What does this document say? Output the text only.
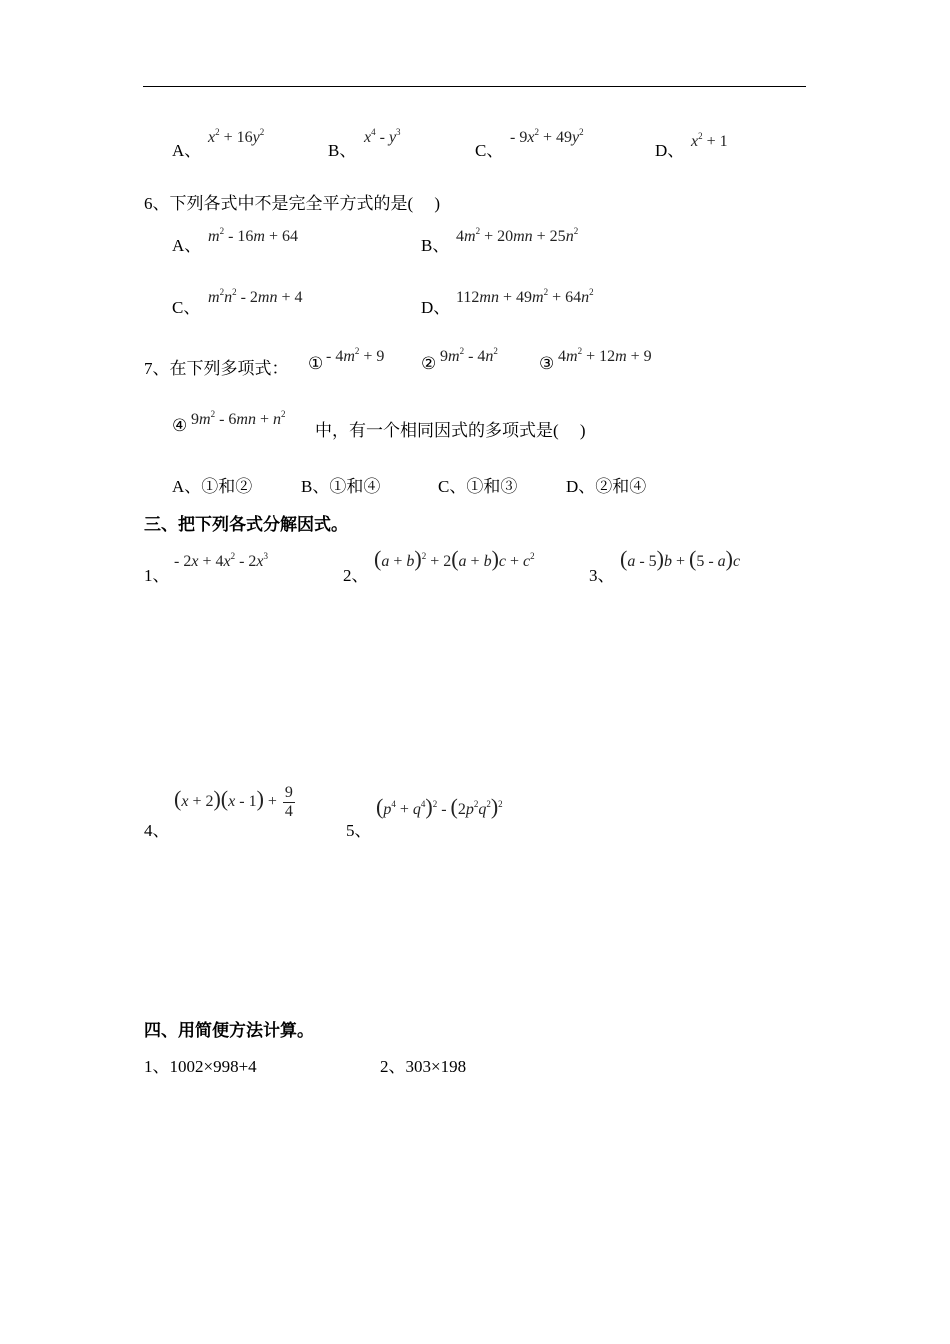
A、
$x^2 + 16y^2$
B、
$x^4 - y^3$
C、
- $9x^2 + 49y^2$
D、 $x^2 + 1$
6、下列各式中不是完全平方式的是(　 )
A、 $m^2 - 16m + 64$	B、 $4m^2 + 20mn + 25n^2$
C、
$m^2n^2 - 2mn + 4$
D、
$112mn + 49m^2 + 64n^2$
7、在下列多项式： ① - $4m^2 + 9$ ② $9m^2 - 4n^2$
③ $4m^2 + 12m + 9$
④ $9m^2 - 6mn + n^2$
中，有一个相同因式的多项式是(　 )
A、①和②	B、①和④	C、①和③	D、②和④
三、把下列各式分解因式。
1、
- $2x + 4x^2 - 2x^3$
2、
$(a + b)^2 + 2(a + b)c + c^2$
3、
(a - 5)b + (5 - a)c
4、
$(x + 2)(x - 1) + \frac{9}{4}$
5、
$(p^4 + q^4)^2 - (2p^2q^2)^2$
四、用简便方法计算。
1、1002×998+4	2、303×198
